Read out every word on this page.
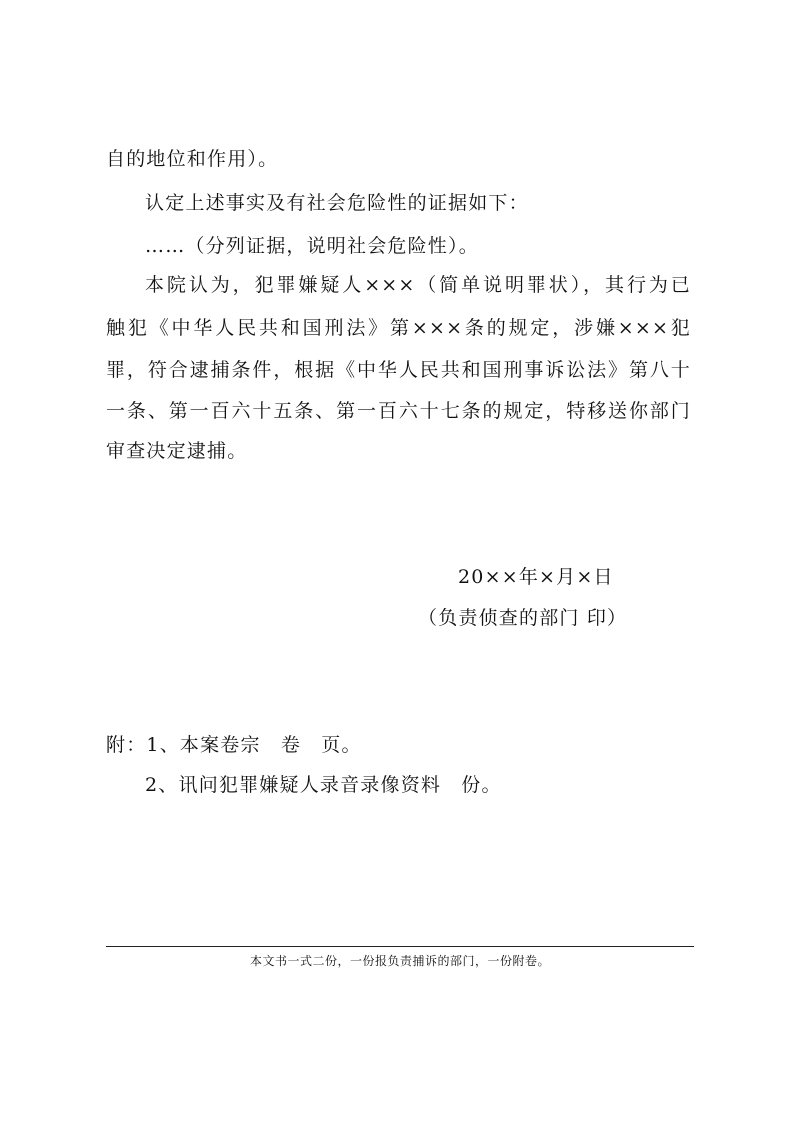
自的地位和作用）。
认定上述事实及有社会危险性的证据如下：
……（分列证据，说明社会危险性）。
本院认为，犯罪嫌疑人×××（简单说明罪状），其行为已
触犯《中华人民共和国刑法》第×××条的规定，涉嫌×××犯
罪，符合逮捕条件，根据《中华人民共和国刑事诉讼法》第八十
一条、第一百六十五条、第一百六十七条的规定，特移送你部门
审查决定逮捕。
20××年×月×日
（负责侦查的部门 印）
附：1、本案卷宗　卷　页。
2、讯问犯罪嫌疑人录音录像资料　份。
本文书一式二份，一份报负责捕诉的部门，一份附卷。
